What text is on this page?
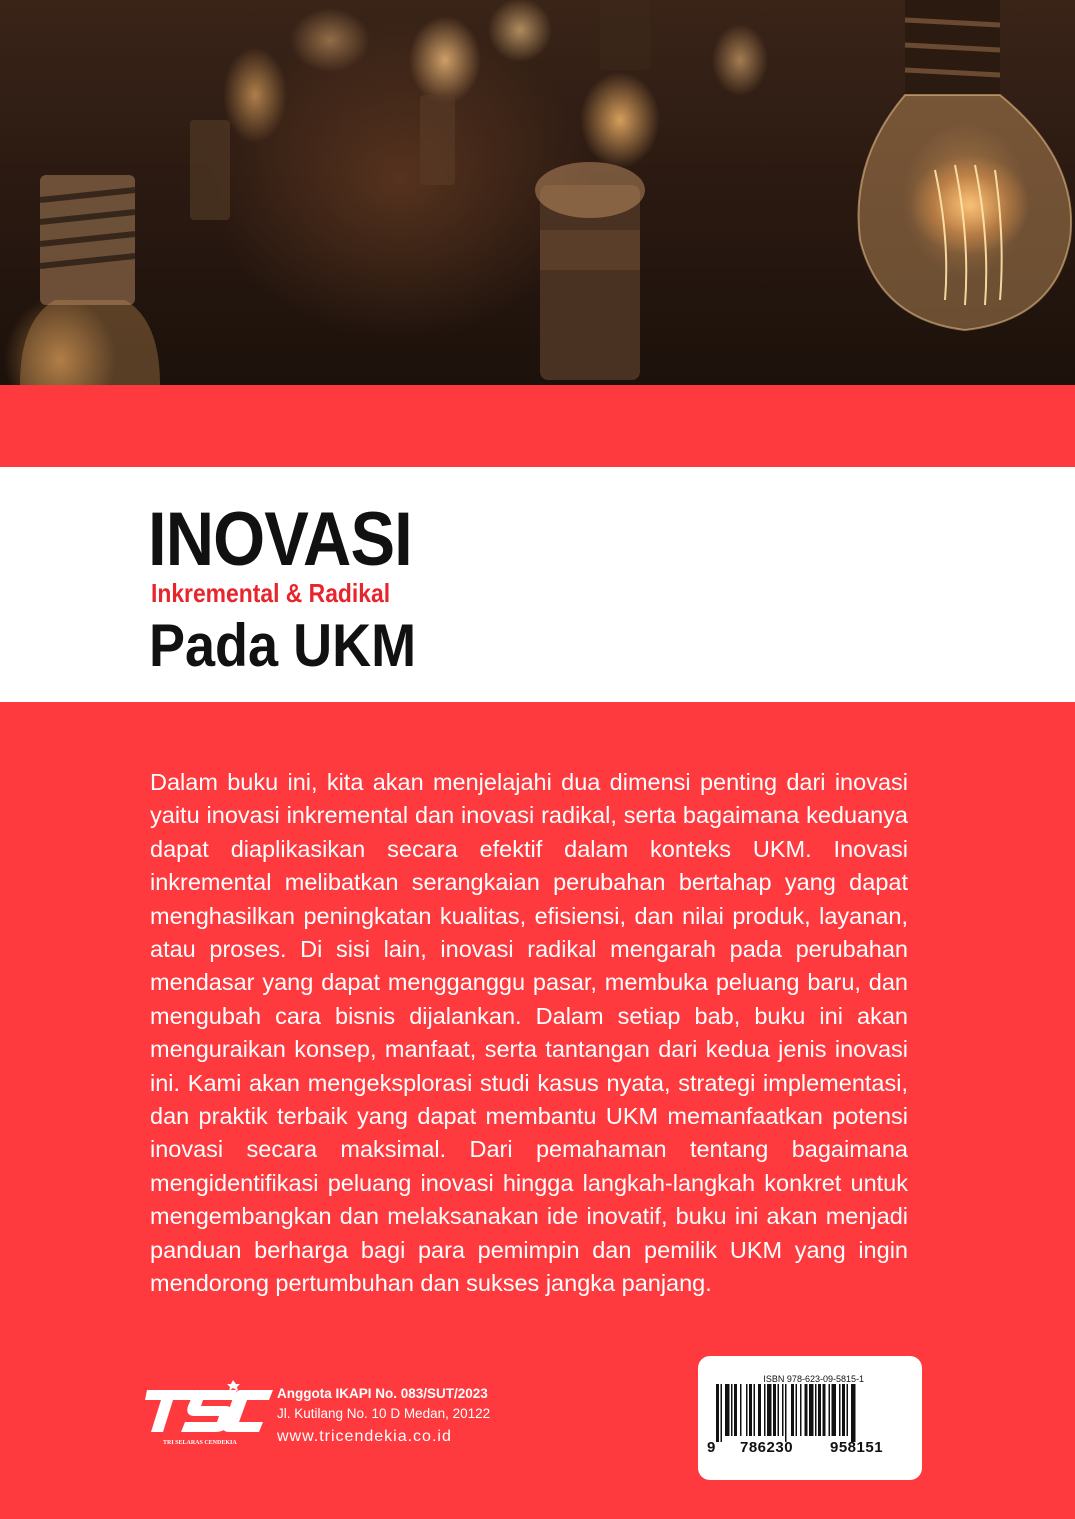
INOVASI
Inkremental & Radikal
Pada UKM

Dalam buku ini, kita akan menjelajahi dua dimensi penting dari inovasi yaitu inovasi inkremental dan inovasi radikal, serta bagaimana keduanya dapat diaplikasikan secara efektif dalam konteks UKM. Inovasi inkremental melibatkan serangkaian perubahan bertahap yang dapat menghasilkan peningkatan kualitas, efisiensi, dan nilai produk, layanan, atau proses. Di sisi lain, inovasi radikal mengarah pada perubahan mendasar yang dapat mengganggu pasar, membuka peluang baru, dan mengubah cara bisnis dijalankan. Dalam setiap bab, buku ini akan menguraikan konsep, manfaat, serta tantangan dari kedua jenis inovasi ini. Kami akan mengeksplorasi studi kasus nyata, strategi implementasi, dan praktik terbaik yang dapat membantu UKM memanfaatkan potensi inovasi secara maksimal. Dari pemahaman tentang bagaimana mengidentifikasi peluang inovasi hingga langkah-langkah konkret untuk mengembangkan dan melaksanakan ide inovatif, buku ini akan menjadi panduan berharga bagi para pemimpin dan pemilik UKM yang ingin mendorong pertumbuhan dan sukses jangka panjang.

TRI SELARAS CENDEKIA
Anggota IKAPI No. 083/SUT/2023
Jl. Kutilang No. 10 D Medan, 20122
www.tricendekia.co.id
ISBN 978-623-09-5815-1
9 786230 958151
